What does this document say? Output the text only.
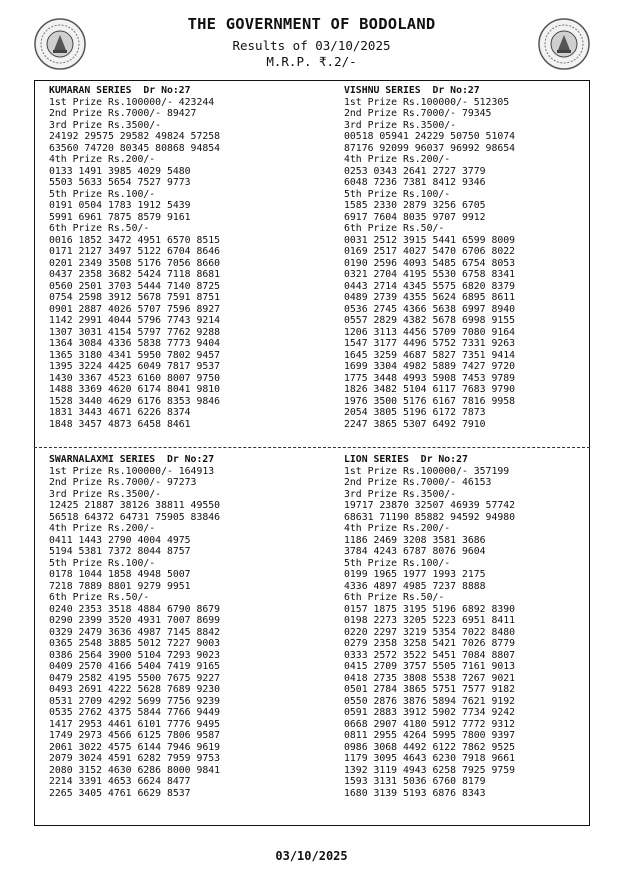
THE GOVERNMENT OF BODOLAND
Results of 03/10/2025
M.R.P. ₹.2/-
KUMARAN SERIES  Dr No:27
1st Prize Rs.100000/- 423244
2nd Prize Rs.7000/- 89427
3rd Prize Rs.3500/-
24192 29575 29582 49824 57258
63560 74720 80345 80868 94854
4th Prize Rs.200/-
0133 1491 3985 4029 5480
5503 5633 5654 7527 9773
5th Prize Rs.100/-
0191 0504 1783 1912 5439
5991 6961 7875 8579 9161
6th Prize Rs.50/-
0016 1852 3472 4951 6570 8515
0171 2127 3497 5122 6704 8646
0201 2349 3508 5176 7056 8660
0437 2358 3682 5424 7118 8681
0560 2501 3703 5444 7140 8725
0754 2598 3912 5678 7591 8751
0901 2887 4026 5707 7596 8927
1142 2991 4044 5796 7743 9214
1307 3031 4154 5797 7762 9288
1364 3084 4336 5838 7773 9404
1365 3180 4341 5950 7802 9457
1395 3224 4425 6049 7817 9537
1430 3367 4523 6160 8007 9750
1488 3369 4620 6174 8041 9810
1528 3440 4629 6176 8353 9846
1831 3443 4671 6226 8374
1848 3457 4873 6458 8461
VISHNU SERIES  Dr No:27
1st Prize Rs.100000/- 512305
2nd Prize Rs.7000/- 79345
3rd Prize Rs.3500/-
00518 05941 24229 50750 51074
87176 92099 96037 96992 98654
4th Prize Rs.200/-
0253 0343 2641 2727 3779
6048 7236 7381 8412 9346
5th Prize Rs.100/-
1585 2330 2879 3256 6705
6917 7604 8035 9707 9912
6th Prize Rs.50/-
0031 2512 3915 5441 6599 8009
0169 2517 4027 5470 6706 8022
0190 2596 4093 5485 6754 8053
0321 2704 4195 5530 6758 8341
0443 2714 4345 5575 6820 8379
0489 2739 4355 5624 6895 8611
0536 2745 4366 5638 6997 8940
0557 2829 4382 5678 6998 9155
1206 3113 4456 5709 7080 9164
1547 3177 4496 5752 7331 9263
1645 3259 4687 5827 7351 9414
1699 3304 4982 5889 7427 9720
1775 3448 4993 5908 7453 9789
1826 3482 5104 6117 7683 9790
1976 3500 5176 6167 7816 9958
2054 3805 5196 6172 7873
2247 3865 5307 6492 7910
SWARNALAXMI SERIES  Dr No:27
1st Prize Rs.100000/- 164913
2nd Prize Rs.7000/- 97273
3rd Prize Rs.3500/-
12425 21887 38126 38811 49550
56518 64372 64731 75905 83846
4th Prize Rs.200/-
0411 1443 2790 4004 4975
5194 5381 7372 8044 8757
5th Prize Rs.100/-
0178 1044 1858 4948 5007
7218 7889 8801 9279 9951
6th Prize Rs.50/-
0240 2353 3518 4884 6790 8679
0290 2399 3520 4931 7007 8699
0329 2479 3636 4987 7145 8842
0365 2548 3885 5012 7227 9003
0386 2564 3900 5104 7293 9023
0409 2570 4166 5404 7419 9165
0479 2582 4195 5500 7675 9227
0493 2691 4222 5628 7689 9230
0531 2709 4292 5699 7756 9239
0535 2762 4375 5844 7766 9449
1417 2953 4461 6101 7776 9495
1749 2973 4566 6125 7806 9587
2061 3022 4575 6144 7946 9619
2079 3024 4591 6282 7959 9753
2080 3152 4630 6286 8000 9841
2214 3391 4653 6624 8477
2265 3405 4761 6629 8537
LION SERIES  Dr No:27
1st Prize Rs.100000/- 357199
2nd Prize Rs.7000/- 46153
3rd Prize Rs.3500/-
19717 23870 32507 46939 57742
68631 71190 85882 94592 94980
4th Prize Rs.200/-
1186 2469 3208 3581 3686
3784 4243 6787 8076 9604
5th Prize Rs.100/-
0199 1965 1977 1993 2175
4336 4897 4985 7237 8888
6th Prize Rs.50/-
0157 1875 3195 5196 6892 8390
0198 2273 3205 5223 6951 8411
0220 2297 3219 5354 7022 8480
0279 2358 3258 5421 7026 8779
0333 2572 3522 5451 7084 8807
0415 2709 3757 5505 7161 9013
0418 2735 3808 5538 7267 9021
0501 2784 3865 5751 7577 9182
0550 2876 3876 5894 7621 9192
0591 2883 3912 5902 7734 9242
0668 2907 4180 5912 7772 9312
0811 2955 4264 5995 7800 9397
0986 3068 4492 6122 7862 9525
1179 3095 4643 6230 7918 9661
1392 3119 4943 6258 7925 9759
1593 3131 5036 6760 8179
1680 3139 5193 6876 8343
03/10/2025
